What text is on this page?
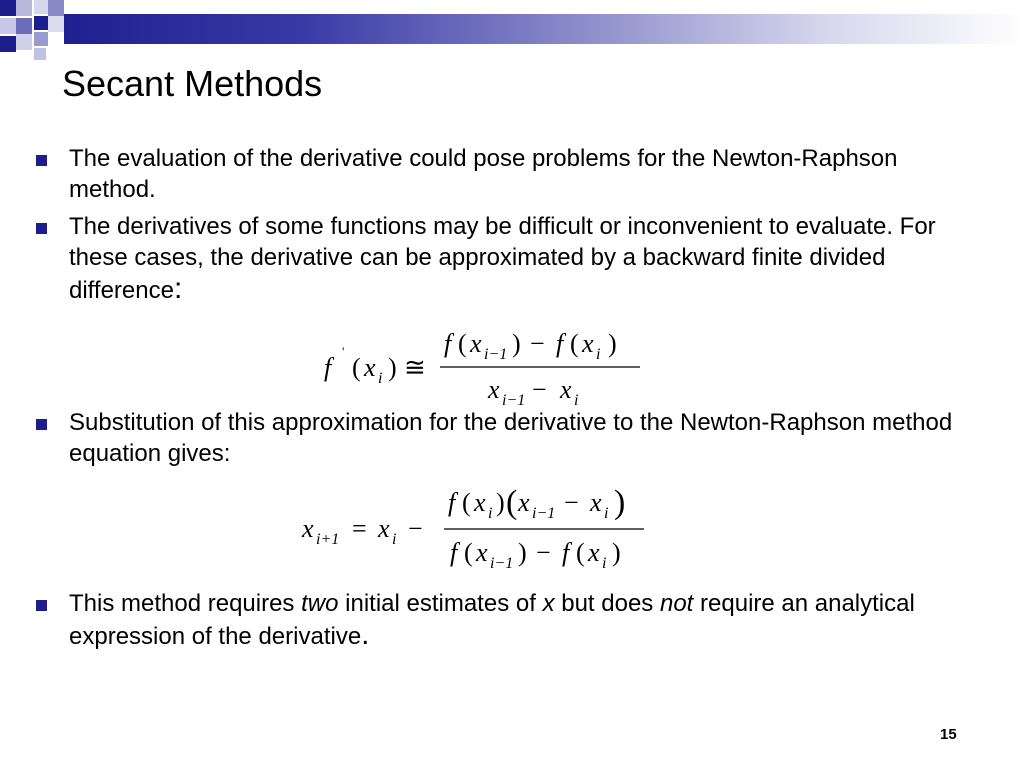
Secant Methods
The evaluation of the derivative could pose problems for the Newton-Raphson method.
The derivatives of some functions may be difficult or inconvenient to evaluate. For these cases, the derivative can be approximated by a backward finite divided difference:
f
'
( x i ) ≅
f ( x i−1 ) − f ( x i )
x i−1 − x i
Substitution of this approximation for the derivative to the Newton-Raphson method equation gives:
x i+1 = x i −
f ( x i ) ( x i−1 − x i )
f ( x i−1 ) − f ( x i )
This method requires two initial estimates of x but does not require an analytical expression of the derivative.
15
